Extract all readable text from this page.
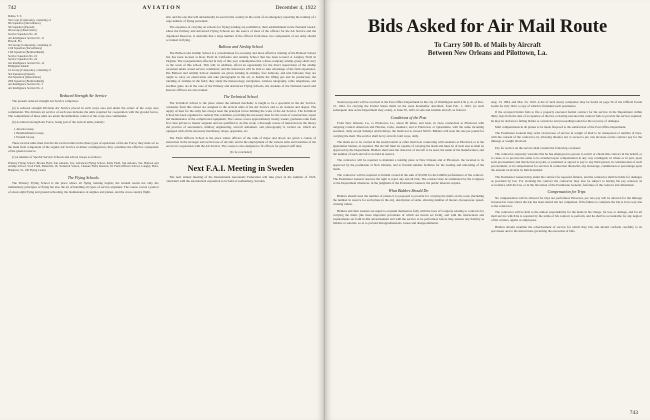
742	AVIATION	December 4, 1922
Dallas, T. S.
5th Corps (Composite), consisting of
6th Squadron (Surveillance)
5th Squadron (Pursuit)
4th Group (Observation)
Service Squadron No. 45
Air Intelligence Section No. 11
Hawaii, Fla.
3rd Group (Composite), consisting of
12th Squadron (Surveillance)
13th Squadron (Bombardment)
Service Squadron No. 16
Service Squadron No. 24
Air Intelligence Section No. 12
Philippine Islands
1st Group (Composite), consisting of
3rd Squadron (Pursuit)
2nd Squadron (Observation)
28th Squadron (Bombardment)
Air Intelligence Section No. 3
Air Intelligence Section No. 4

Reduced Strength Air Service

The present reduced strength Air Service comprises:

(a) A reduced strength Division Air Service placed in each corps area and under the orders of the corps area commander. The division air service of each area includes the units required for cooperation with the ground forces. The complement of these units are under the immediate control of the corps area commander.

(b) A reduced strength Air Force, being part of the tactical units, namely:

1 Attack Group
1 Bombardment Group
1 Pursuit Group

There tactical units must involve the tactical units in the three types of squadrons of the Air Force; they must act as the main field component of the regular Air Service in minor contingencies; they constitute the effective component of the general reserve.

(c) A number of Special Service Schools and school troops as follows:

Primary Flying School, Brooks Field, San Antonio, Tex. Advanced Flying School, Kelly Field, San Antonio, Tex. Balloon and Airship School, Scott Field, Belleville, Ill. Technical School, Chanute Field, Rantoul, Ill. Field Officers School, Langley Field, Hampton, Va. 100 Flying Cadets

The Flying Schools

The Primary Flying School is the place where all flying training begins; the student learns not only the rudimentary principles of flying but also the art of handling all types of service airplanes. The course covers a period of about eight flying and ground schooling, the maintenance of engines and planes, and the cross-country flight.

War, and the one that will undoubtedly be used in this country in the event of an emergency requiring the training of a large number of flying personnel.

The expenses of carrying on schools for flying training are prohibitive; their establishment in the National Guard, where the Primary and Advanced Flying Schools are the source of most of the officers for the Air Service and the Organized Reserves, is desirable that a large number of the officers from these two components of our army should be trained in flying.

Balloon and Airship School

The Balloon and Airship School is a consolidation for economy and more effective training of the Balloon School that has been located at Ross Field in California and Airship School that has been located at Langley Field in Virginia. The reorganization effected in July of this year contemplates that a three-company airship group shall carry on the work of this school. This will, in addition, afford an opportunity for the direct supervision of the airship personnel under actual service conditions; and the instructors will be able to take advantage of the field experience. The Balloon and Airship School students are given training in airships, free balloons, and kite balloons; they are taught to carry on observation and take photographs in the air, to handle the lifting gas and its production, the handling of airships in the field; they study the meteorology, navigation, wireless telegraphy, radio telephones, and machine guns. As in the case of the Primary and Advanced Flying Schools, the students of the National Guard and Reserve Officers are also trained.

The Technical School

The Technical School is the place where the enlisted mechanic is taught to be a specialist in the Air Service. Graduates from this school are assigned to the tactical units of the Air Service and to air stations and depots. The supply of men for the army has always been the principal factor limiting the work of the Air Service. The Technical School has been organized to remedy this condition, providing the necessary men for the work of construction, repair and maintenance of the complicated equipment. The course covers approximately twenty weeks; graduates rank from first class private to master sergeant and are qualified to do this work; a thorough course of instruction in the theory and practice of aeronautics, military engineering, aircraft armament, and photography is carried on, which are equipped with all the necessary machinery, shops, apparatus, etc.

The Field Officers School is the place where officers of the rank of major and above are given a course of instruction in the strategic and tactical use of aircraft, and in the employment of the various arms and branches of the service in cooperation with the Air Service. The course is also designed to fit officers for general staff duty.

(To be concluded)

Next F.A.I. Meeting in Sweden

The next annual meeting of the International Aeronautic Federation will take place in the summer of 1923, coincident with the aeronautical exposition to be held at Gothenburg, Sweden.

Bids Asked for Air Mail Route
To Carry 500 lb. of Mails by Aircraft
Between New Orleans and Pilottown, La.

Sealed proposals will be received at the Post Office Department in the city of Washington until 4.30 p. m. of Dec. 21, 1922, for carrying the United States mails on the route hereinafter described, from Feb. 1, 1923, (or such subsequent date as the Department may order), to June 30, 1925, in safe and suitable aircraft, as follows:

Conditions of the Post

From New Orleans, La., to Pilottown, La., about 90 miles, and back, in close connection at Pilottown with outgoing Central American and Havana, Cuba, steamers; and at Pilottown, or Quarantine, with the same incoming steamers, daily except Sundays and holidays, the mails not to exceed 500 lb. Bidders will state the rate per pound for carrying the mail. The service shall be by aircraft, both ways, daily.

The mails are to be carried in the steam launch or other mail boat connecting with steamers at Pilottown or at the Quarantine Station, as required. The aircraft must be capable of carrying the mails and must be of such size as shall be approved by the Department. Bidders shall state the character of aircraft to be used, the name of the manufacturer, and the number of such aircraft to be held in reserve.

The contractor will be required to maintain a landing place at New Orleans and at Pilottown, the location to be approved by the postmaster at New Orleans, and to furnish suitable facilities for the loading and unloading of the mails.

The contractor will be required to furnish a bond in the sum of $5,000 for the faithful performance of the contract. The Postmaster General reserves the right to reject any and all bids. The contract may be terminated by the Congress or the Department whenever, in the judgment of the Postmaster General, the public interests require.

What Bidders Should Do

Bidders should state the number of planes it is proposed to provide for carrying the mails on the route (including the number in reserve for each plane in the air), description of same, showing number of motors, horsepower, speed, cruising radius.

Bidders and their sureties are urged to acquaint themselves fully with the laws of Congress relating to contracts for carrying the mails (the more important provisions of which are herein set forth), and with the instructions and requirements set forth in this advertisement and with the service to be performed, before they assume any liability as bidders or sureties, so as to prevent misapprehensions, losses and disappointments.

Aug. 13, 1894, and Mar. 23, 1919. A list of such surety companies may be found on page 56 of the Official Postal Guide for July 1922, a copy of which is furnished each postmaster.

If the accepted bidder fails to file a properly executed formal contract for the service in the Department within thirty days from the date of acceptance of the bid, or having executed the contract fails to provide the service required, he may be declared a failing bidder or contractor and proceedings taken for the recovery of damages.

Mail compartments in all planes to be made fireproof to the satisfaction of the Post Office Department.

The Postmaster General may order an increase of service in weight of mail to be transported or number of trips, with the consent of the contractor, by allowing therefor not to exceed a pro rata increase on the contract pay for the mileage or weight involved.

Pay for service on the service shall contain the following covenant:

The contractor expressly warrants that he has employed no person to solicit or obtain this contract in his behalf, or to cause or to procure the same to be obtained upon compensation in any way contingent, in whole or in part, upon such procurement; and that he has not paid, or promised or agreed to pay to any third person, in consideration of such procurement, or in compensation for services in connection therewith, any brokerage, commission or percentage upon the amount receivable by him hereunder.

The Postmaster General may annul the contract for repeated failures, and the contractor shall be liable for damages as provided by law. For violating his contract the contractor may also be subject to having his pay reduced, in accordance with the law, or in the discretion of the Postmaster General, forfeiture of the contract and debarment.

Compensation for Trips

No compensation will be allowed for trips not performed. However, pro rata pay will be allowed for the mileage traversed in cases where the trip has been started but not completed, if the failure to complete the trip is in no way due to the contractor.

The contractor will be held to the utmost responsibility for the mails in his charge, for loss or damage, and for all mail service which he is required by the terms of his contract to perform, and he shall be accountable for any neglect of his carriers, agents or employees.

Bidders should examine the advertisement of service for which they bid, and should conform carefully to its provisions and to the instructions governing the execution of bids.

743
